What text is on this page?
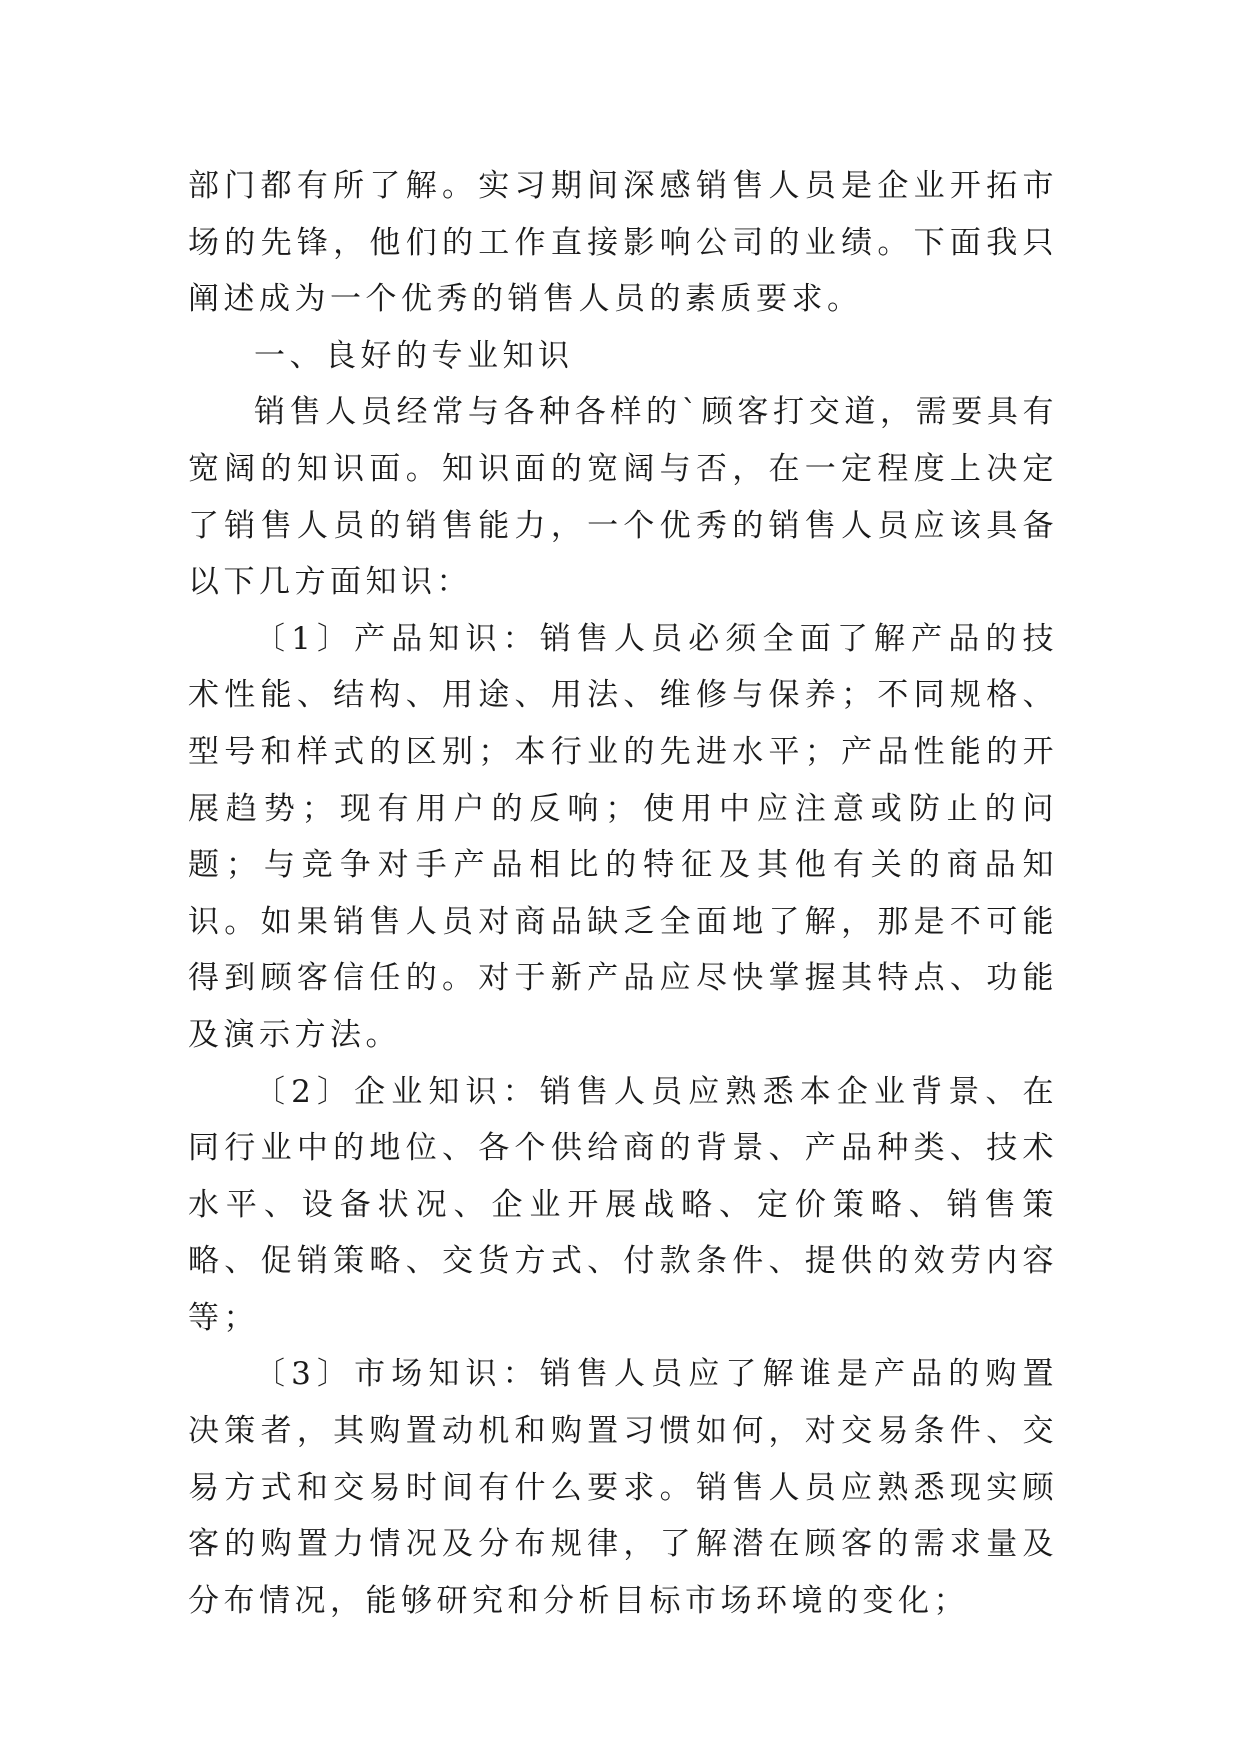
部门都有所了解。实习期间深感销售人员是企业开拓市场的先锋，他们的工作直接影响公司的业绩。下面我只阐述成为一个优秀的销售人员的素质要求。

一、良好的专业知识

销售人员经常与各种各样的`顾客打交道，需要具有宽阔的知识面。知识面的宽阔与否，在一定程度上决定了销售人员的销售能力，一个优秀的销售人员应该具备以下几方面知识：

〔1〕产品知识：销售人员必须全面了解产品的技术性能、结构、用途、用法、维修与保养；不同规格、型号和样式的区别；本行业的先进水平；产品性能的开展趋势；现有用户的反响；使用中应注意或防止的问题；与竞争对手产品相比的特征及其他有关的商品知识。如果销售人员对商品缺乏全面地了解，那是不可能得到顾客信任的。对于新产品应尽快掌握其特点、功能及演示方法。

〔2〕企业知识：销售人员应熟悉本企业背景、在同行业中的地位、各个供给商的背景、产品种类、技术水平、设备状况、企业开展战略、定价策略、销售策略、促销策略、交货方式、付款条件、提供的效劳内容等；

〔3〕市场知识：销售人员应了解谁是产品的购置决策者，其购置动机和购置习惯如何，对交易条件、交易方式和交易时间有什么要求。销售人员应熟悉现实顾客的购置力情况及分布规律，了解潜在顾客的需求量及分布情况，能够研究和分析目标市场环境的变化；
